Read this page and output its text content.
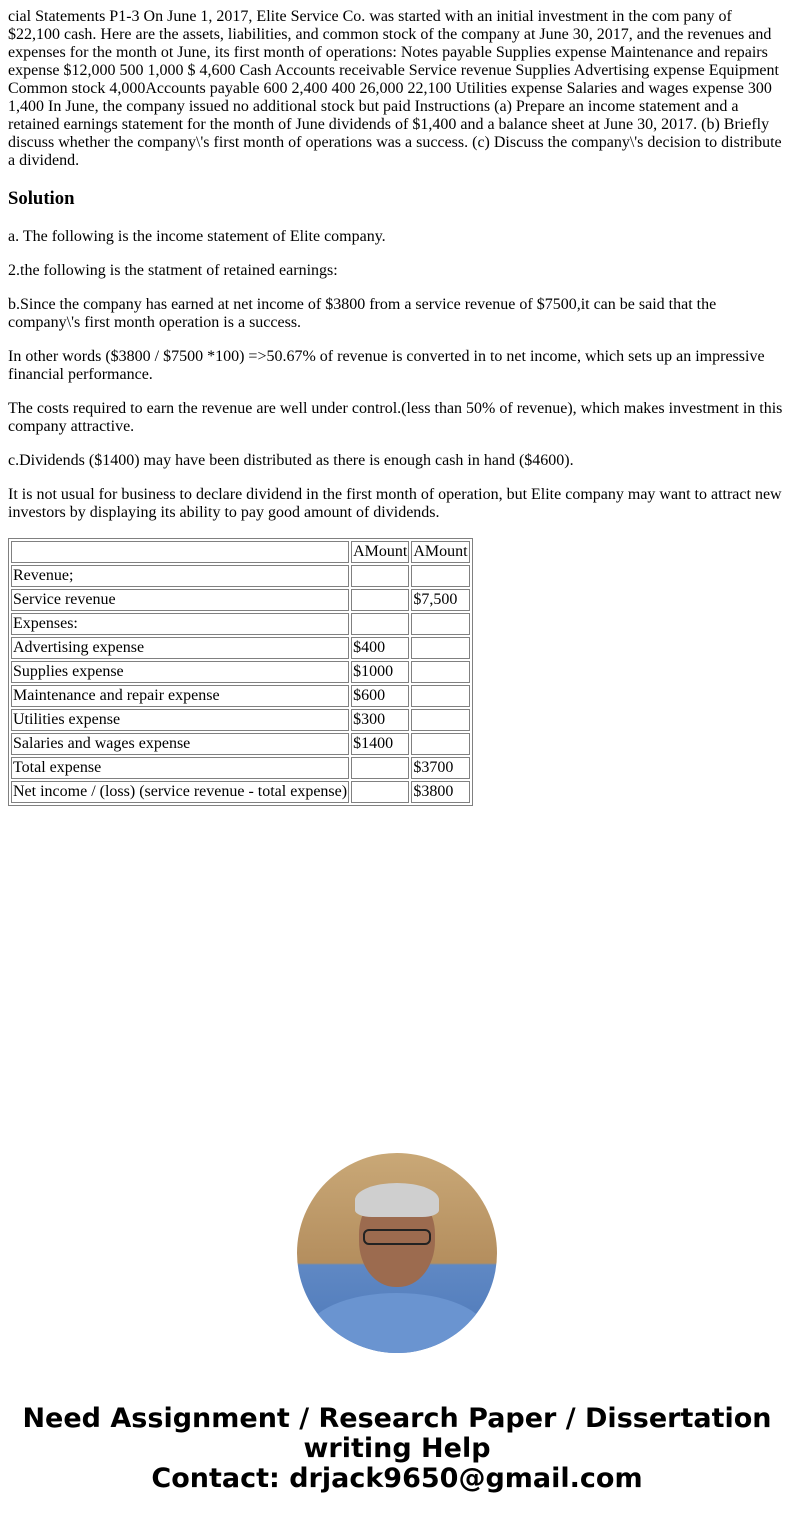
cial Statements P1-3 On June 1, 2017, Elite Service Co. was started with an initial investment in the com pany of $22,100 cash. Here are the assets, liabilities, and common stock of the company at June 30, 2017, and the revenues and expenses for the month ot June, its first month of operations: Notes payable Supplies expense Maintenance and repairs expense $12,000 500 1,000 $ 4,600 Cash Accounts receivable Service revenue Supplies Advertising expense Equipment Common stock 4,000Accounts payable 600 2,400 400 26,000 22,100 Utilities expense Salaries and wages expense 300 1,400 In June, the company issued no additional stock but paid Instructions (a) Prepare an income statement and a retained earnings statement for the month of June dividends of $1,400 and a balance sheet at June 30, 2017. (b) Briefly discuss whether the company\'s first month of operations was a success. (c) Discuss the company\'s decision to distribute a dividend.

Solution

a. The following is the income statement of Elite company.

2.the following is the statment of retained earnings:

b.Since the company has earned at net income of $3800 from a service revenue of $7500,it can be said that the company\'s first month operation is a success.

In other words ($3800 / $7500 *100) =>50.67% of revenue is converted in to net income, which sets up an impressive financial performance.

The costs required to earn the revenue are well under control.(less than 50% of revenue), which makes investment in this company attractive.

c.Dividends ($1400) may have been distributed as there is enough cash in hand ($4600).

It is not usual for business to declare dividend in the first month of operation, but Elite company may want to attract new investors by displaying its ability to pay good amount of dividends.

	AMount	AMount
Revenue;		
Service revenue		$7,500
Expenses:		
Advertising expense	$400	
Supplies expense	$1000	
Maintenance and repair expense	$600	
Utilities expense	$300	
Salaries and wages expense	$1400	
Total expense		$3700
Net income / (loss) (service revenue - total expense)		$3800
Need Assignment / Research Paper / Dissertation
writing Help
Contact: drjack9650@gmail.com
